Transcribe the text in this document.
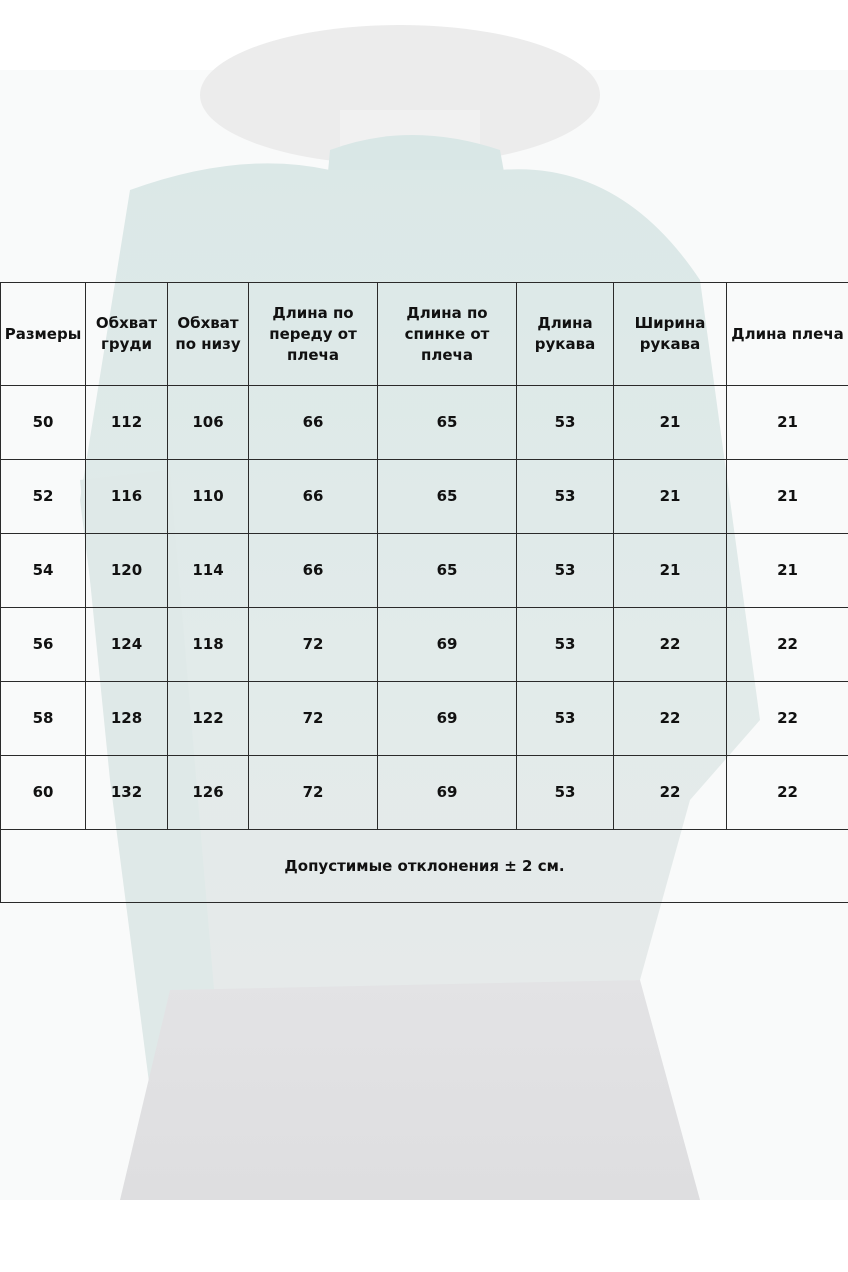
Размеры	Обхват груди	Обхват по низу	Длина по переду от плеча	Длина по спинке от плеча	Длина рукава	Ширина рукава	Длина плеча
50	112	106	66	65	53	21	21
52	116	110	66	65	53	21	21
54	120	114	66	65	53	21	21
56	124	118	72	69	53	22	22
58	128	122	72	69	53	22	22
60	132	126	72	69	53	22	22
Допустимые отклонения ± 2 см.							
